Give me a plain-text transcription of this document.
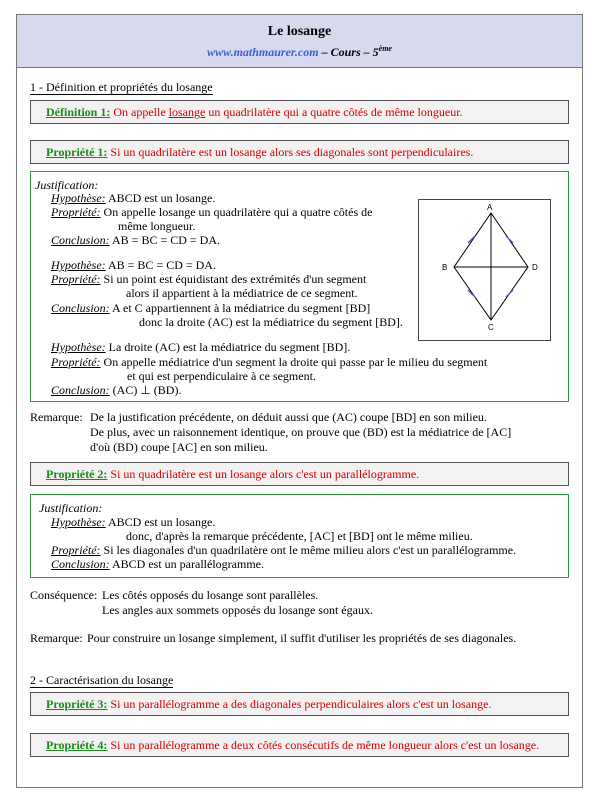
Le losange
www.mathmaurer.com – Cours – 5ème
1 - Définition et propriétés du losange
Définition 1: On appelle losange un quadrilatère qui a quatre côtés de même longueur.
Propriété 1: Si un quadrilatère est un losange alors ses diagonales sont perpendiculaires.
Justification:
Hypothèse: ABCD est un losange.
Propriété: On appelle losange un quadrilatère qui a quatre côtés de
même longueur.
Conclusion: AB = BC = CD = DA.
Hypothèse: AB = BC = CD = DA.
Propriété: Si un point est équidistant des extrémités d'un segment
alors il appartient à la médiatrice de ce segment.
Conclusion: A et C appartiennent à la médiatrice du segment [BD]
donc la droite (AC) est la médiatrice du segment [BD].
Hypothèse: La droite (AC) est la médiatrice du segment [BD].
Propriété: On appelle médiatrice d'un segment la droite qui passe par le milieu du segment
et qui est perpendiculaire à ce segment.
Conclusion: (AC) ⊥ (BD).
A
B
C
D
Remarque: De la justification précédente, on déduit aussi que (AC) coupe [BD] en son milieu.
De plus, avec un raisonnement identique, on prouve que (BD) est la médiatrice de [AC]
d'où (BD) coupe [AC] en son milieu.
Propriété 2: Si un quadrilatère est un losange alors c'est un parallélogramme.
Justification:
Hypothèse: ABCD est un losange.
donc, d'après la remarque précédente, [AC] et [BD] ont le même milieu.
Propriété: Si les diagonales d'un quadrilatère ont le même milieu alors c'est un parallélogramme.
Conclusion: ABCD est un parallélogramme.
Conséquence: Les côtés opposés du losange sont parallèles.
Les angles aux sommets opposés du losange sont égaux.
Remarque: Pour construire un losange simplement, il suffit d'utiliser les propriétés de ses diagonales.
2 - Caractérisation du losange
Propriété 3: Si un parallélogramme a des diagonales perpendiculaires alors c'est un losange.
Propriété 4: Si un parallélogramme a deux côtés consécutifs de même longueur alors c'est un losange.
